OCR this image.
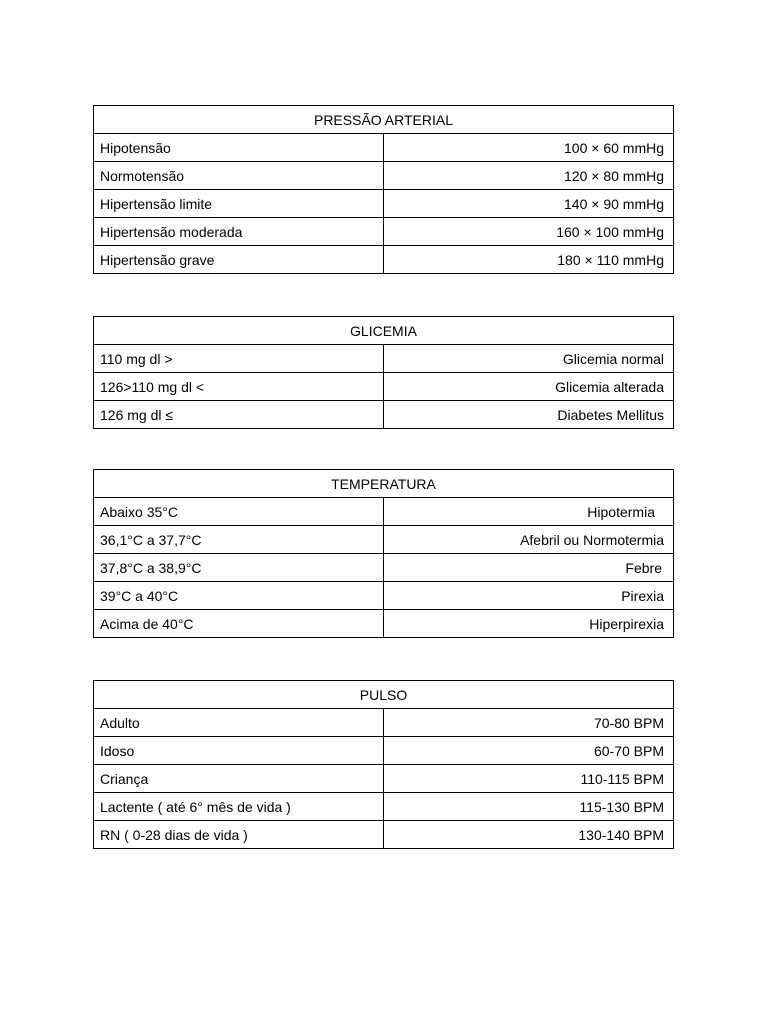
PRESSÃO ARTERIAL	
Hipotensão	100 × 60 mmHg
Normotensão	120 × 80 mmHg
Hipertensão limite	140 × 90 mmHg
Hipertensão moderada	160 × 100 mmHg
Hipertensão grave	180 × 110 mmHg
GLICEMIA	
110 mg dl >	Glicemia normal
126>110 mg dl <	Glicemia alterada
126 mg dl ≤	Diabetes Mellitus
TEMPERATURA	
Abaixo 35°C	Hipotermia
36,1°C a 37,7°C	Afebril ou Normotermia
37,8°C a 38,9°C	Febre
39°C a 40°C	Pirexia
Acima de 40°C	Hiperpirexia
PULSO	
Adulto	70-80 BPM
Idoso	60-70 BPM
Criança	110-115 BPM
Lactente ( até 6° mês de vida )	115-130 BPM
RN ( 0-28 dias de vida )	130-140 BPM
